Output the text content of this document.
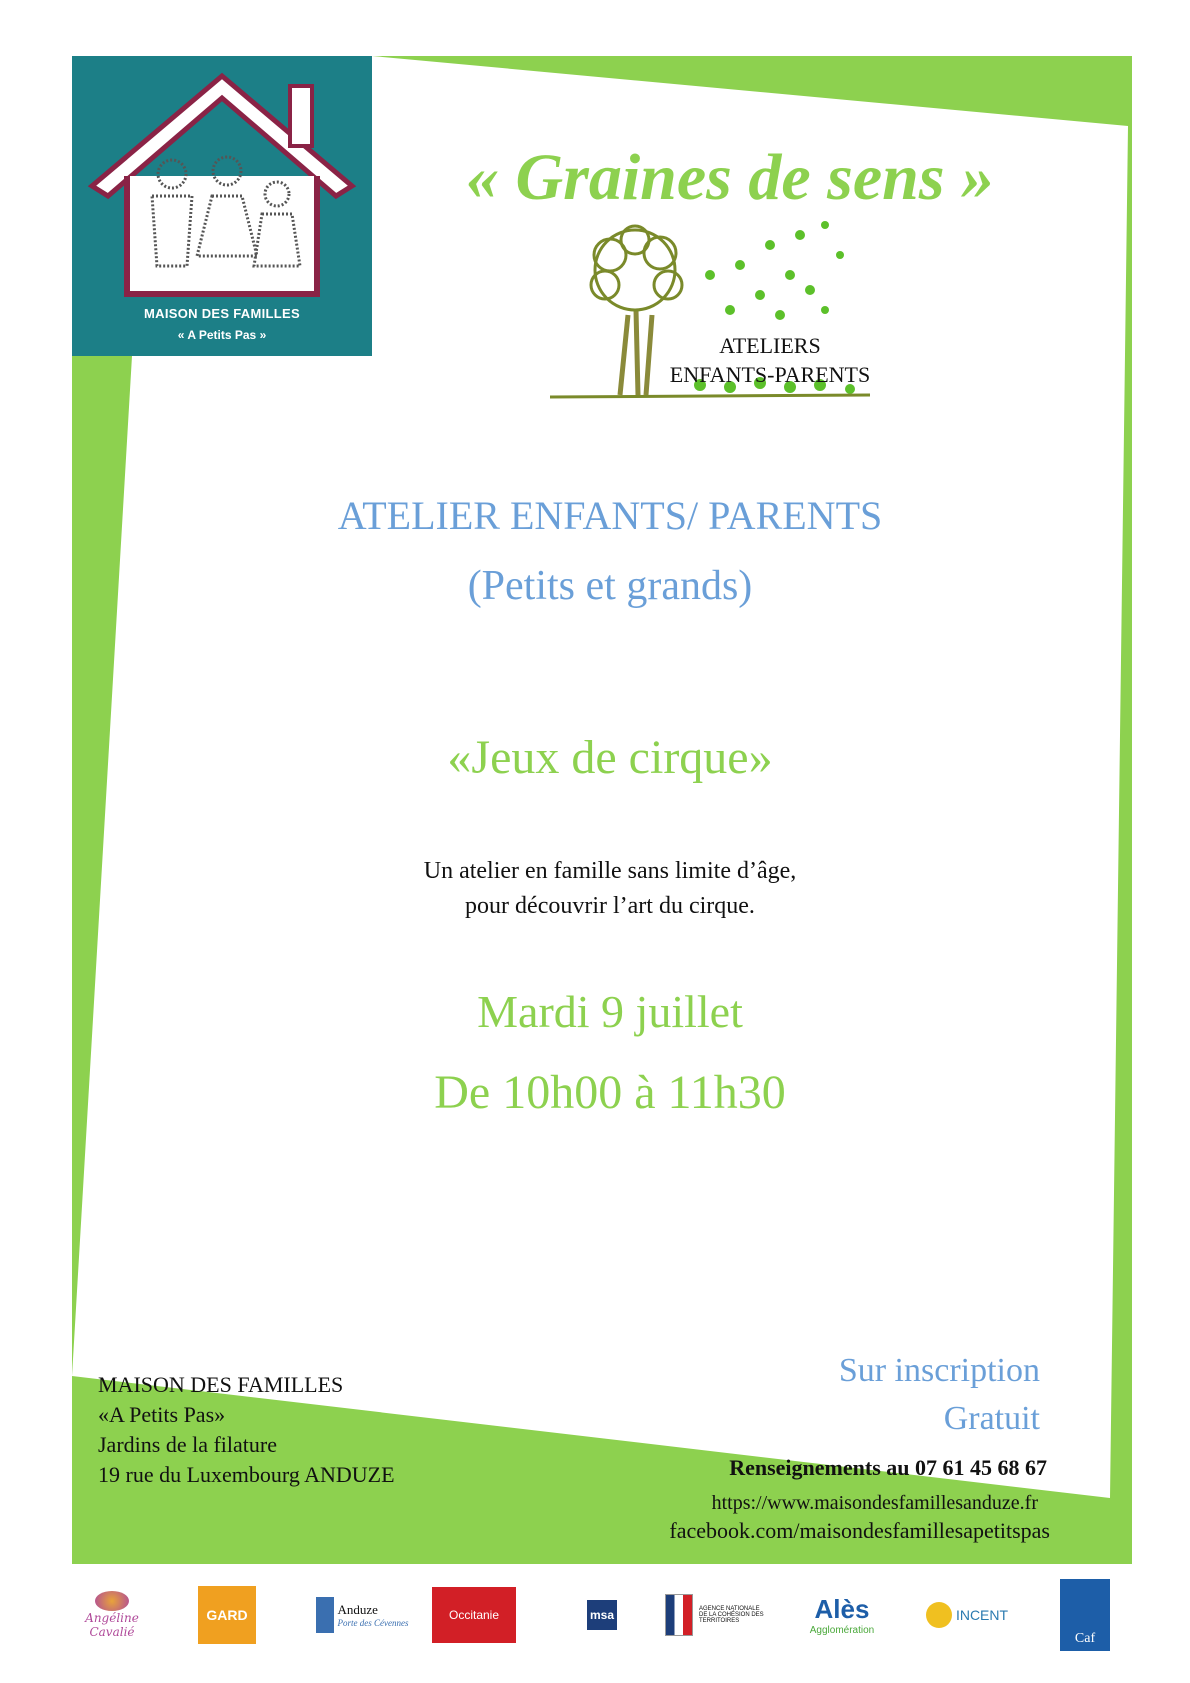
MAISON DES FAMILLES
« A Petits Pas »
« Graines de sens »
ATELIERS
ENFANTS-PARENTS
ATELIER ENFANTS/ PARENTS
(Petits et grands)
«Jeux de cirque»
Un atelier en famille sans limite d’âge,
pour découvrir l’art du cirque.
Mardi 9 juillet
De 10h00 à 11h30
MAISON DES FAMILLES
«A Petits Pas»
Jardins de la filature
19 rue du Luxembourg ANDUZE
Sur inscription
Gratuit
Renseignements au 07 61 45 68 67
https://www.maisondesfamillesanduze.fr
facebook.com/maisondesfamillesapetitspas
Angéline Cavalié
GARD	Anduze
Porte des Cévennes
Occitanie	msa	AGENCE NATIONALE DE LA COHÉSION DES TERRITOIRES	Alès
Agglomération
INCENT
Caf
